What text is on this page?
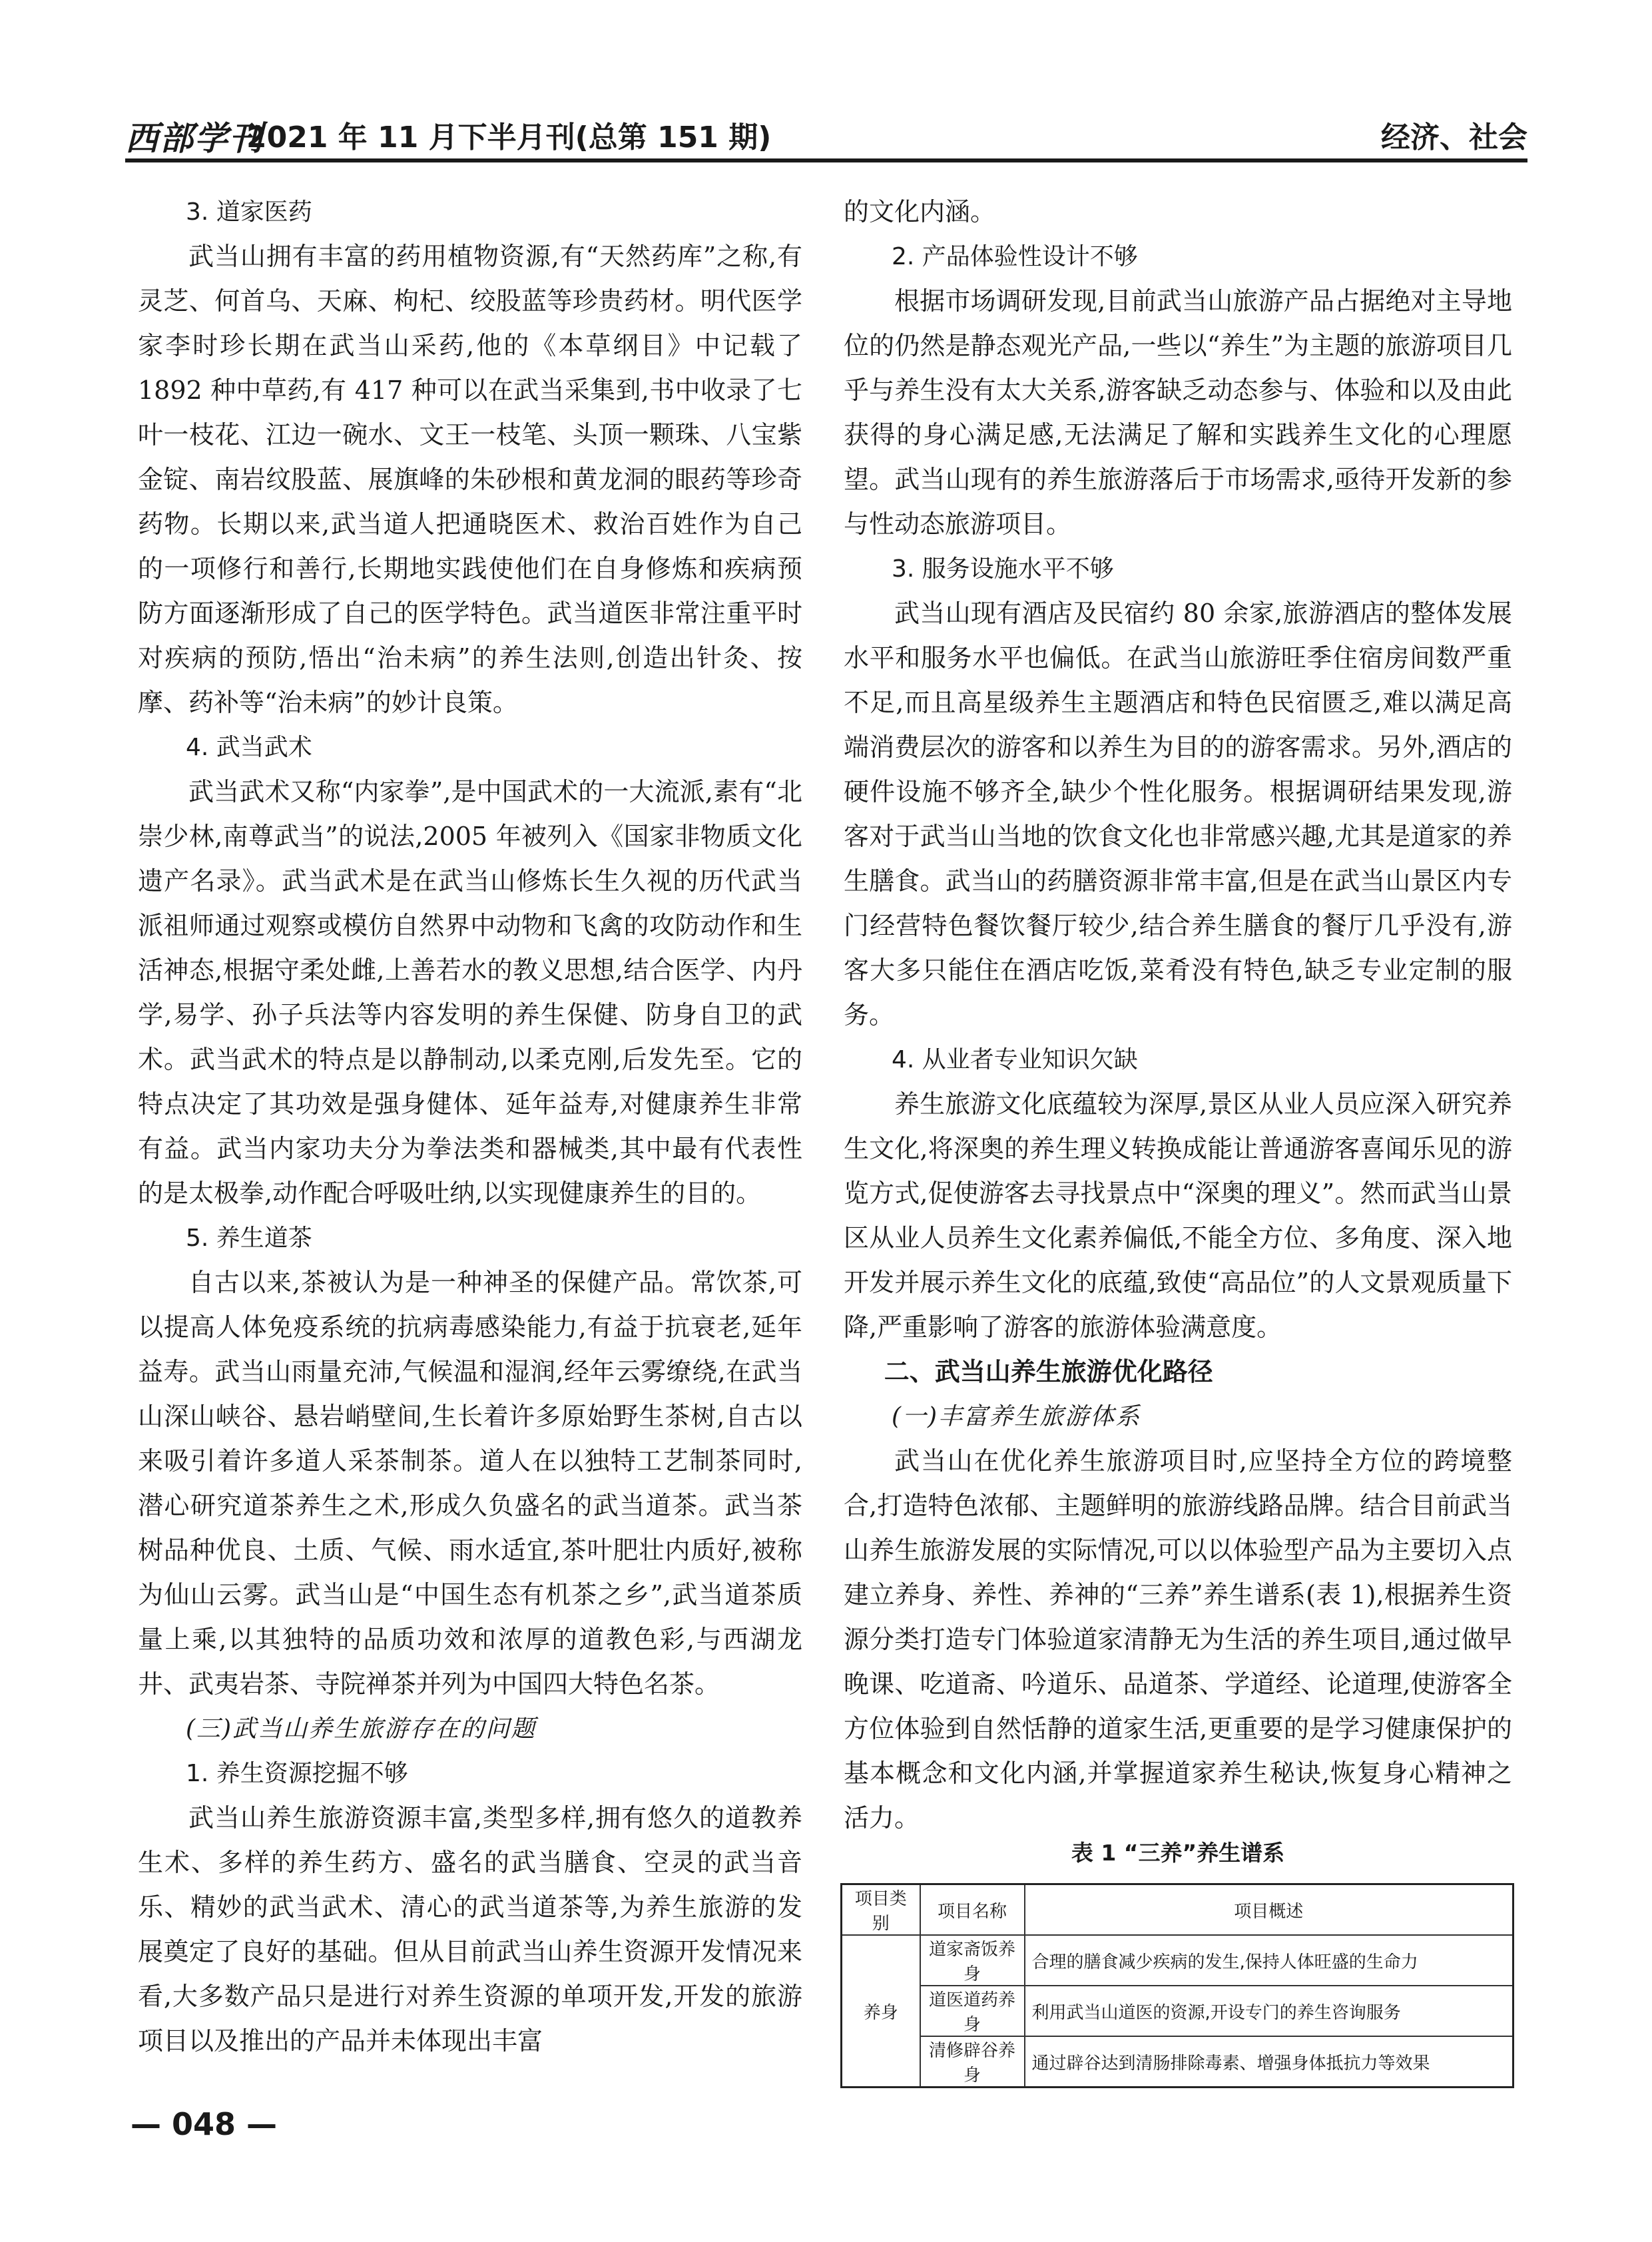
西部学刊
2021 年 11 月下半月刊(总第 151 期)	经济、社会
3. 道家医药

武当山拥有丰富的药用植物资源,有“天然药库”之称,有灵芝、何首乌、天麻、枸杞、绞股蓝等珍贵药材。明代医学家李时珍长期在武当山采药,他的《本草纲目》中记载了 1892 种中草药,有 417 种可以在武当采集到,书中收录了七叶一枝花、江边一碗水、文王一枝笔、头顶一颗珠、八宝紫金锭、南岩纹股蓝、展旗峰的朱砂根和黄龙洞的眼药等珍奇药物。长期以来,武当道人把通晓医术、救治百姓作为自己的一项修行和善行,长期地实践使他们在自身修炼和疾病预防方面逐渐形成了自己的医学特色。武当道医非常注重平时对疾病的预防,悟出“治未病”的养生法则,创造出针灸、按摩、药补等“治未病”的妙计良策。

4. 武当武术

武当武术又称“内家拳”,是中国武术的一大流派,素有“北崇少林,南尊武当”的说法,2005 年被列入《国家非物质文化遗产名录》。武当武术是在武当山修炼长生久视的历代武当派祖师通过观察或模仿自然界中动物和飞禽的攻防动作和生活神态,根据守柔处雌,上善若水的教义思想,结合医学、内丹学,易学、孙子兵法等内容发明的养生保健、防身自卫的武术。武当武术的特点是以静制动,以柔克刚,后发先至。它的特点决定了其功效是强身健体、延年益寿,对健康养生非常有益。武当内家功夫分为拳法类和器械类,其中最有代表性的是太极拳,动作配合呼吸吐纳,以实现健康养生的目的。

5. 养生道茶

自古以来,茶被认为是一种神圣的保健产品。常饮茶,可以提高人体免疫系统的抗病毒感染能力,有益于抗衰老,延年益寿。武当山雨量充沛,气候温和湿润,经年云雾缭绕,在武当山深山峡谷、悬岩峭壁间,生长着许多原始野生茶树,自古以来吸引着许多道人采茶制茶。道人在以独特工艺制茶同时,潜心研究道茶养生之术,形成久负盛名的武当道茶。武当茶树品种优良、土质、气候、雨水适宜,茶叶肥壮内质好,被称为仙山云雾。武当山是“中国生态有机茶之乡”,武当道茶质量上乘,以其独特的品质功效和浓厚的道教色彩,与西湖龙井、武夷岩茶、寺院禅茶并列为中国四大特色名茶。

(三)武当山养生旅游存在的问题
1. 养生资源挖掘不够

武当山养生旅游资源丰富,类型多样,拥有悠久的道教养生术、多样的养生药方、盛名的武当膳食、空灵的武当音乐、精妙的武当武术、清心的武当道茶等,为养生旅游的发展奠定了良好的基础。但从目前武当山养生资源开发情况来看,大多数产品只是进行对养生资源的单项开发,开发的旅游项目以及推出的产品并未体现出丰富

的文化内涵。

2. 产品体验性设计不够

根据市场调研发现,目前武当山旅游产品占据绝对主导地位的仍然是静态观光产品,一些以“养生”为主题的旅游项目几乎与养生没有太大关系,游客缺乏动态参与、体验和以及由此获得的身心满足感,无法满足了解和实践养生文化的心理愿望。武当山现有的养生旅游落后于市场需求,亟待开发新的参与性动态旅游项目。

3. 服务设施水平不够

武当山现有酒店及民宿约 80 余家,旅游酒店的整体发展水平和服务水平也偏低。在武当山旅游旺季住宿房间数严重不足,而且高星级养生主题酒店和特色民宿匮乏,难以满足高端消费层次的游客和以养生为目的的游客需求。另外,酒店的硬件设施不够齐全,缺少个性化服务。根据调研结果发现,游客对于武当山当地的饮食文化也非常感兴趣,尤其是道家的养生膳食。武当山的药膳资源非常丰富,但是在武当山景区内专门经营特色餐饮餐厅较少,结合养生膳食的餐厅几乎没有,游客大多只能住在酒店吃饭,菜肴没有特色,缺乏专业定制的服务。

4. 从业者专业知识欠缺

养生旅游文化底蕴较为深厚,景区从业人员应深入研究养生文化,将深奥的养生理义转换成能让普通游客喜闻乐见的游览方式,促使游客去寻找景点中“深奥的理义”。然而武当山景区从业人员养生文化素养偏低,不能全方位、多角度、深入地开发并展示养生文化的底蕴,致使“高品位”的人文景观质量下降,严重影响了游客的旅游体验满意度。

二、武当山养生旅游优化路径
(一)丰富养生旅游体系

武当山在优化养生旅游项目时,应坚持全方位的跨境整合,打造特色浓郁、主题鲜明的旅游线路品牌。结合目前武当山养生旅游发展的实际情况,可以以体验型产品为主要切入点建立养身、养性、养神的“三养”养生谱系(表 1),根据养生资源分类打造专门体验道家清静无为生活的养生项目,通过做早晚课、吃道斋、吟道乐、品道茶、学道经、论道理,使游客全方位体验到自然恬静的道家生活,更重要的是学习健康保护的基本概念和文化内涵,并掌握道家养生秘诀,恢复身心精神之活力。

表 1 “三养”养生谱系
项目类别	项目名称	项目概述
养身	道家斋饭养身	合理的膳食减少疾病的发生,保持人体旺盛的生命力
	道医道药养身	利用武当山道医的资源,开设专门的养生咨询服务
	清修辟谷养身	通过辟谷达到清肠排除毒素、增强身体抵抗力等效果
— 048 —
